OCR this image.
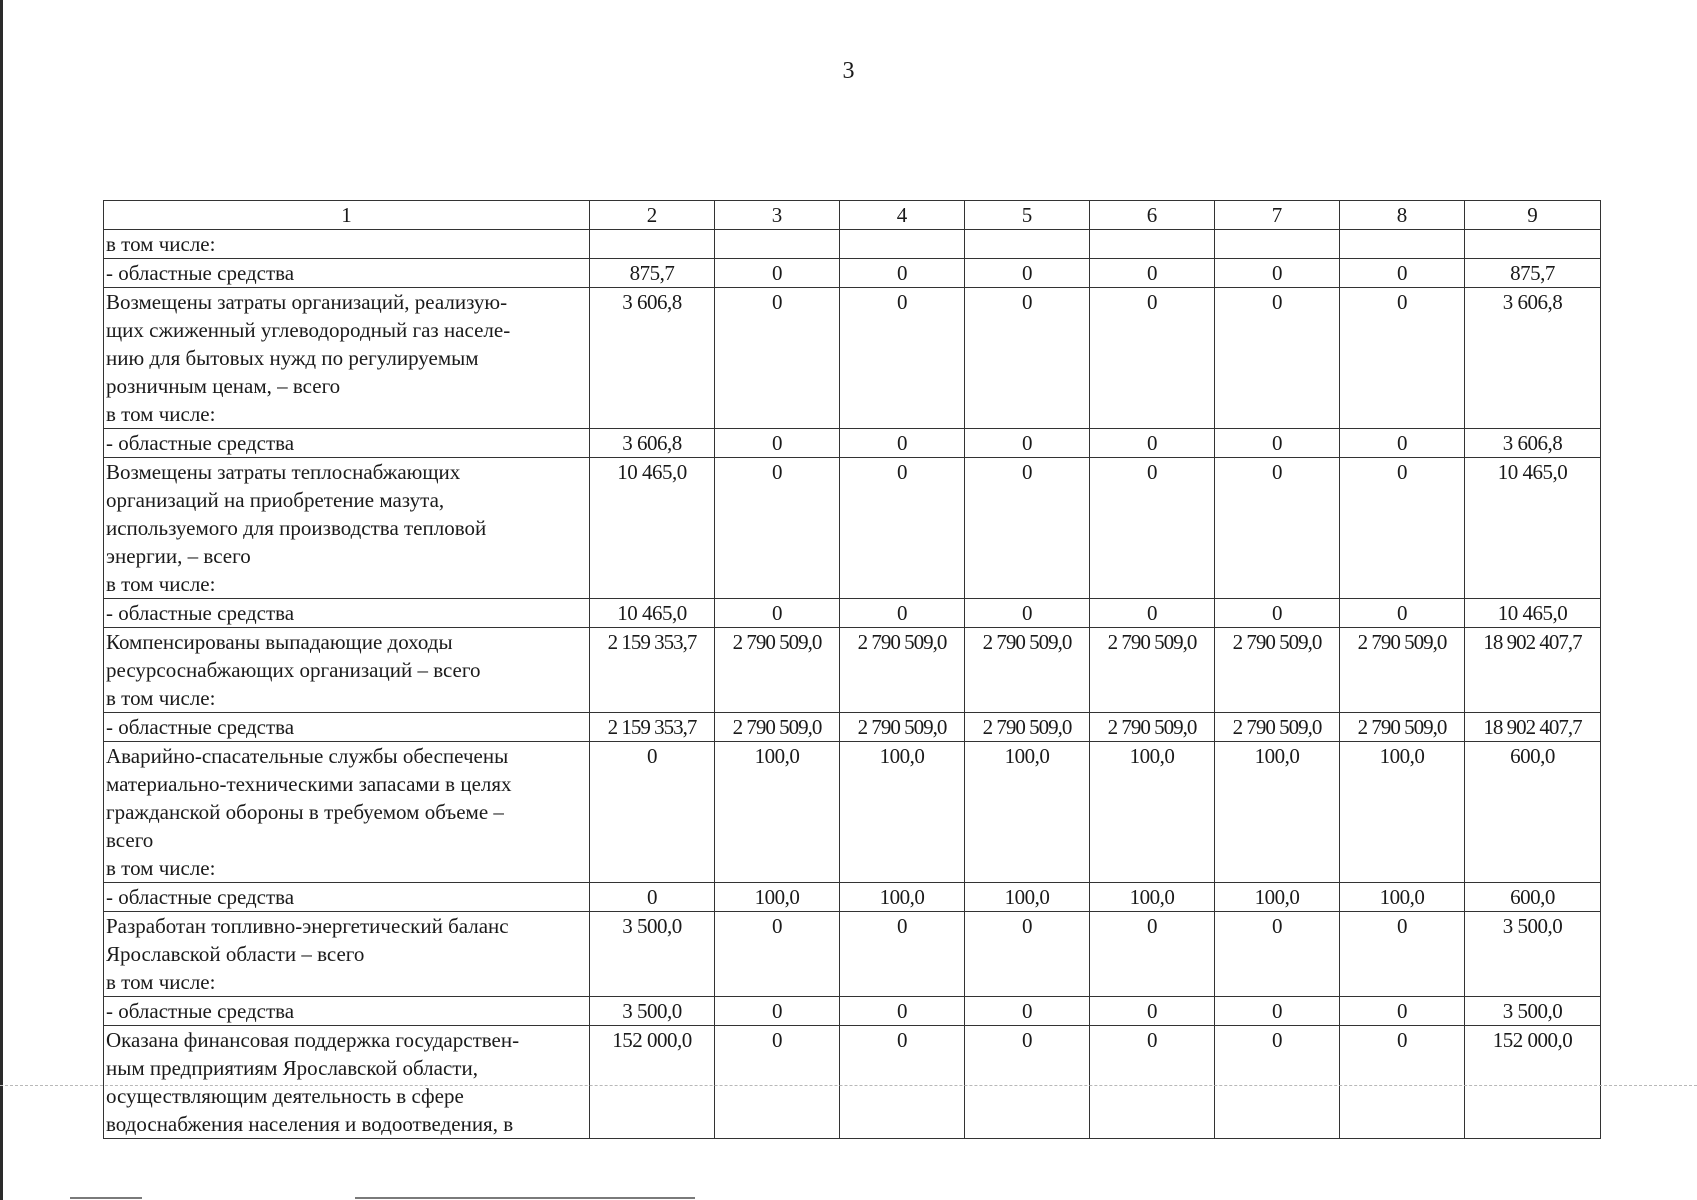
3
1	2	3	4	5	6	7	8	9
в том числе:								
- областные средства	875,7	0	0	0	0	0	0	875,7
Возмещены затраты организаций, реализую-
щих сжиженный углеводородный газ населе-
нию для бытовых нужд по регулируемым
розничным ценам, – всего
в том числе:	3 606,8	0	0	0	0	0	0	3 606,8
- областные средства	3 606,8	0	0	0	0	0	0	3 606,8
Возмещены затраты теплоснабжающих
организаций на приобретение мазута,
используемого для производства тепловой
энергии, – всего
в том числе:	10 465,0	0	0	0	0	0	0	10 465,0
- областные средства	10 465,0	0	0	0	0	0	0	10 465,0
Компенсированы выпадающие доходы
ресурсоснабжающих организаций – всего
в том числе:	2 159 353,7	2 790 509,0	2 790 509,0	2 790 509,0	2 790 509,0	2 790 509,0	2 790 509,0	18 902 407,7
- областные средства	2 159 353,7	2 790 509,0	2 790 509,0	2 790 509,0	2 790 509,0	2 790 509,0	2 790 509,0	18 902 407,7
Аварийно-спасательные службы обеспечены
материально-техническими запасами в целях
гражданской обороны в требуемом объеме –
всего
в том числе:	0	100,0	100,0	100,0	100,0	100,0	100,0	600,0
- областные средства	0	100,0	100,0	100,0	100,0	100,0	100,0	600,0
Разработан топливно-энергетический баланс
Ярославской области – всего
в том числе:	3 500,0	0	0	0	0	0	0	3 500,0
- областные средства	3 500,0	0	0	0	0	0	0	3 500,0
Оказана финансовая поддержка государствен-
ным предприятиям Ярославской области,
осуществляющим деятельность в сфере
водоснабжения населения и водоотведения, в	152 000,0	0	0	0	0	0	0	152 000,0
